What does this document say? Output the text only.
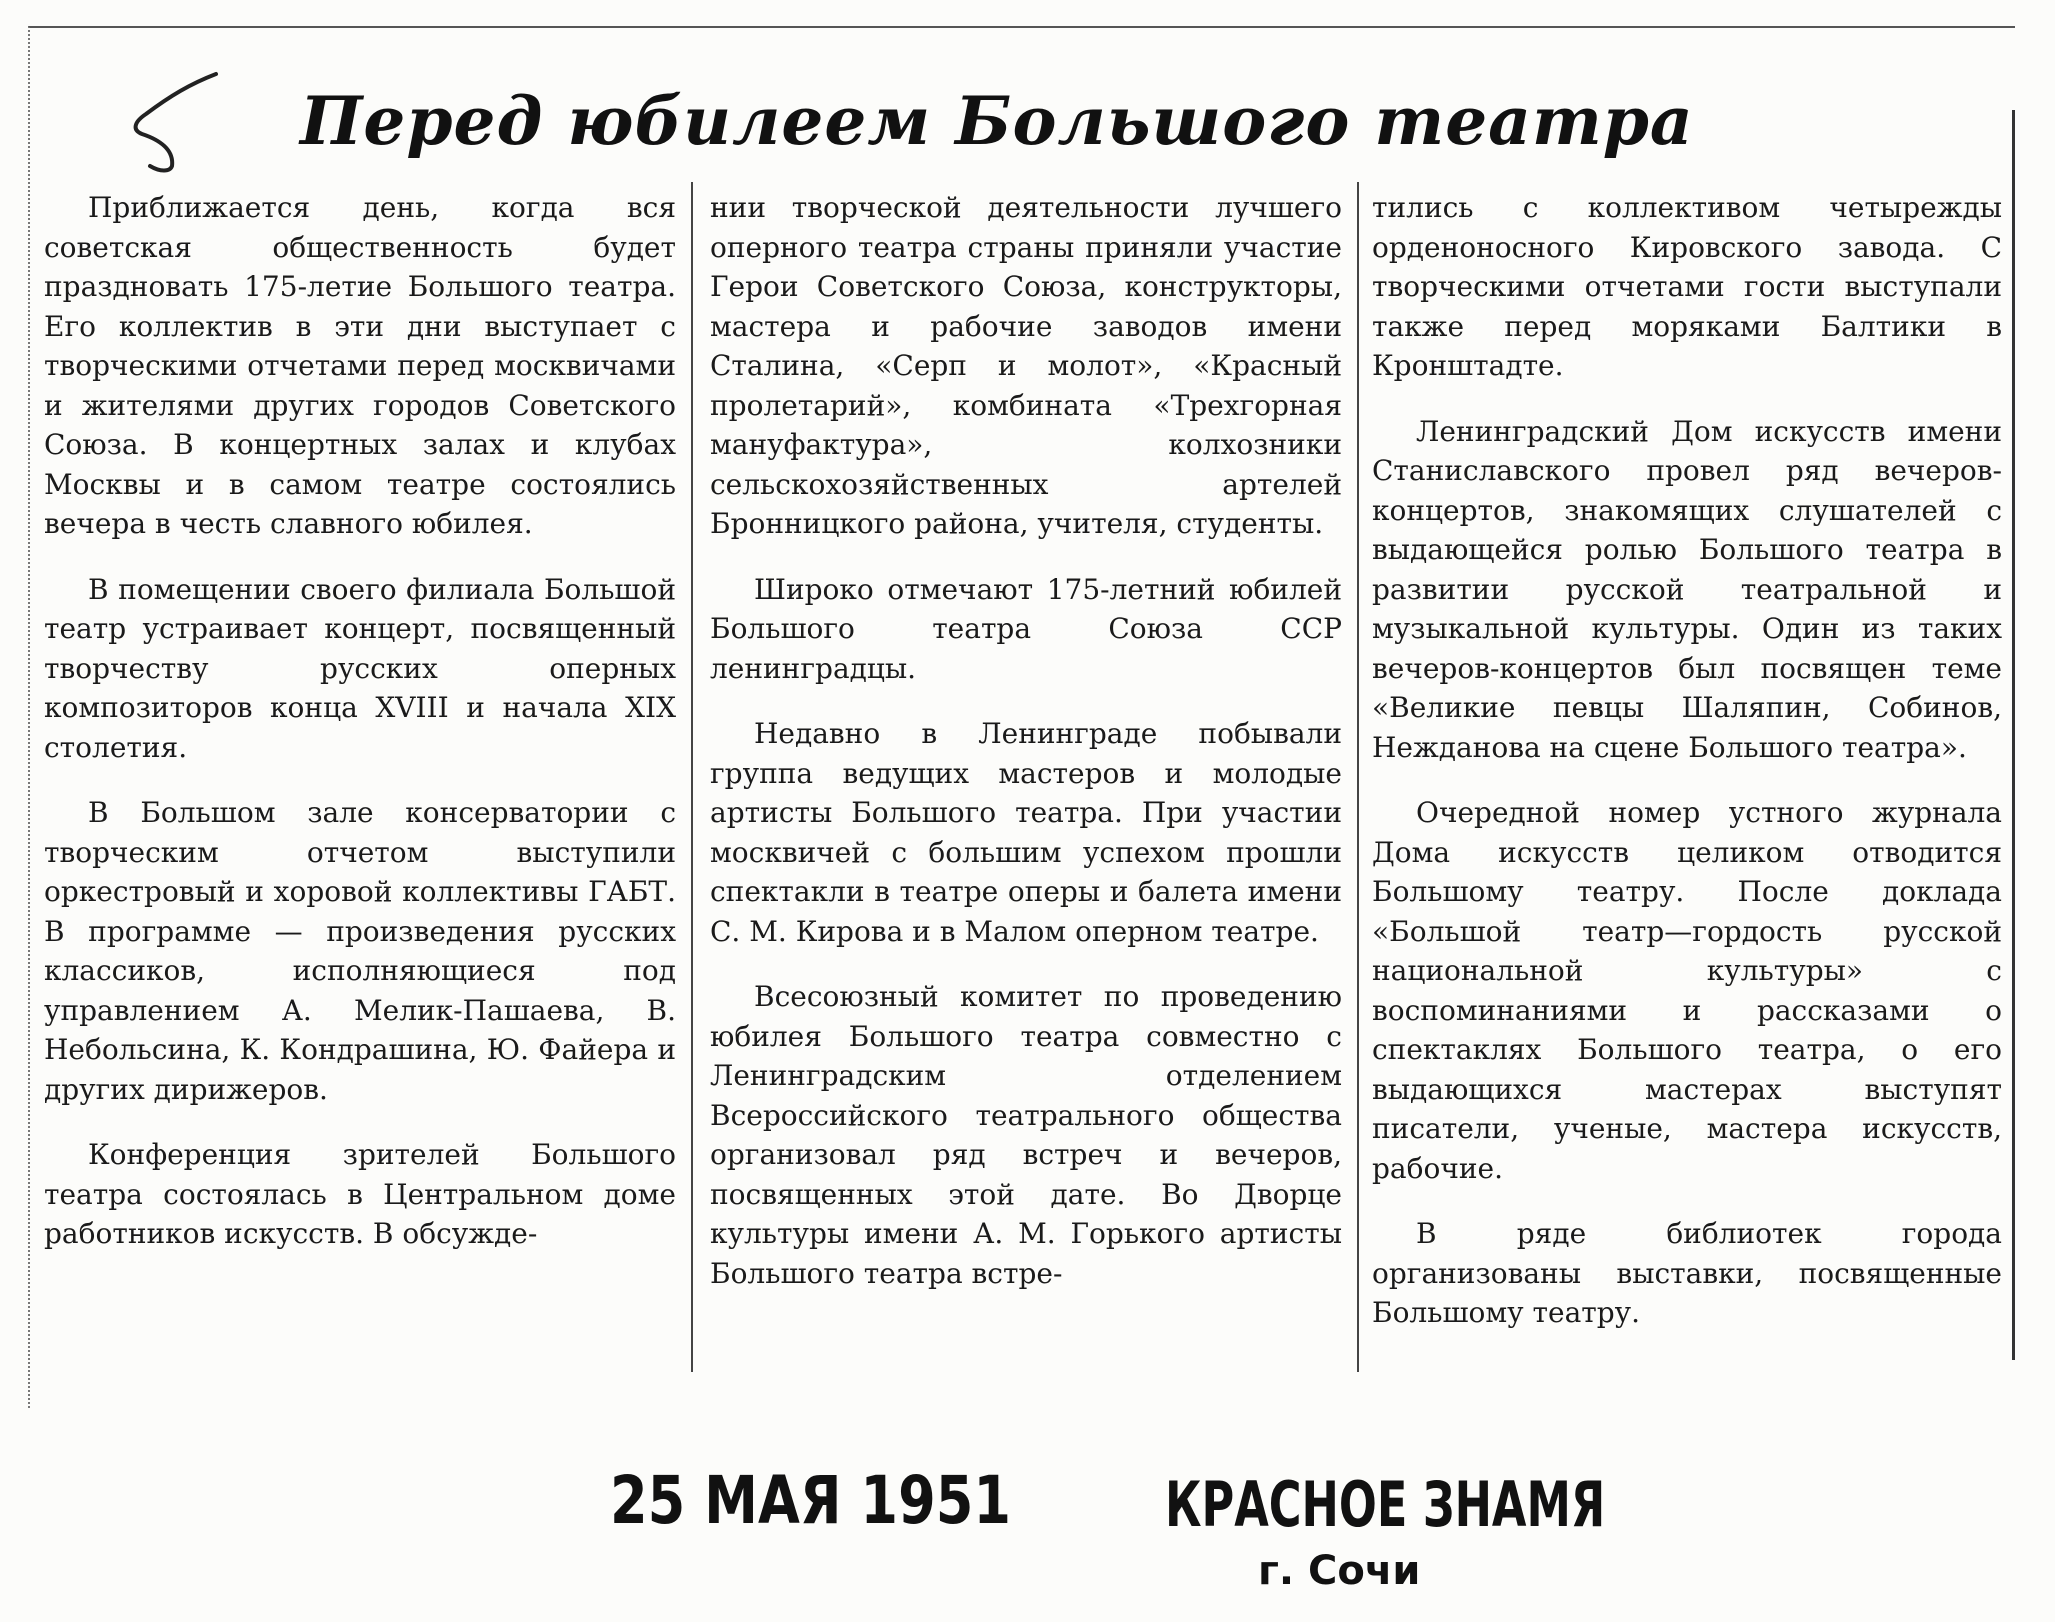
Перед юбилеем Большого театра

Приближается день, когда вся советская общественность будет праздновать 175-летие Большого театра. Его коллектив в эти дни выступает с творческими отчетами перед москвичами и жителями других городов Советского Союза. В концертных залах и клубах Москвы и в самом театре состоялись вечера в честь славного юбилея.

В помещении своего филиала Большой театр устраивает концерт, посвященный творчеству русских оперных композиторов конца XVIII и начала XIX столетия.

В Большом зале консерватории с творческим отчетом выступили оркестровый и хоровой коллективы ГАБТ. В программе — произведения русских классиков, исполняющиеся под управлением А. Мелик-Пашаева, В. Небольсина, К. Кондрашина, Ю. Файера и других дирижеров.

Конференция зрителей Большого театра состоялась в Центральном доме работников искусств. В обсужде-

нии творческой деятельности лучшего оперного театра страны приняли участие Герои Советского Союза, конструкторы, мастера и рабочие заводов имени Сталина, «Серп и молот», «Красный пролетарий», комбината «Трехгорная мануфактура», колхозники сельскохозяйственных артелей Бронницкого района, учителя, студенты.

Широко отмечают 175-летний юбилей Большого театра Союза ССР ленинградцы.

Недавно в Ленинграде побывали группа ведущих мастеров и молодые артисты Большого театра. При участии москвичей с большим успехом прошли спектакли в театре оперы и балета имени С. М. Кирова и в Малом оперном театре.

Всесоюзный комитет по проведению юбилея Большого театра совместно с Ленинградским отделением Всероссийского театрального общества организовал ряд встреч и вечеров, посвященных этой дате. Во Дворце культуры имени А. М. Горького артисты Большого театра встре-

тились с коллективом четырежды орденоносного Кировского завода. С творческими отчетами гости выступали также перед моряками Балтики в Кронштадте.

Ленинградский Дом искусств имени Станиславского провел ряд вечеров-концертов, знакомящих слушателей с выдающейся ролью Большого театра в развитии русской театральной и музыкальной культуры. Один из таких вечеров-концертов был посвящен теме «Великие певцы Шаляпин, Собинов, Нежданова на сцене Большого театра».

Очередной номер устного журнала Дома искусств целиком отводится Большому театру. После доклада «Большой театр—гордость русской национальной культуры» с воспоминаниями и рассказами о спектаклях Большого театра, о его выдающихся мастерах выступят писатели, ученые, мастера искусств, рабочие.

В ряде библиотек города организованы выставки, посвященные Большому театру.

25 МАЯ 1951 КРАСНОЕ ЗНАМЯ
г. Сочи
